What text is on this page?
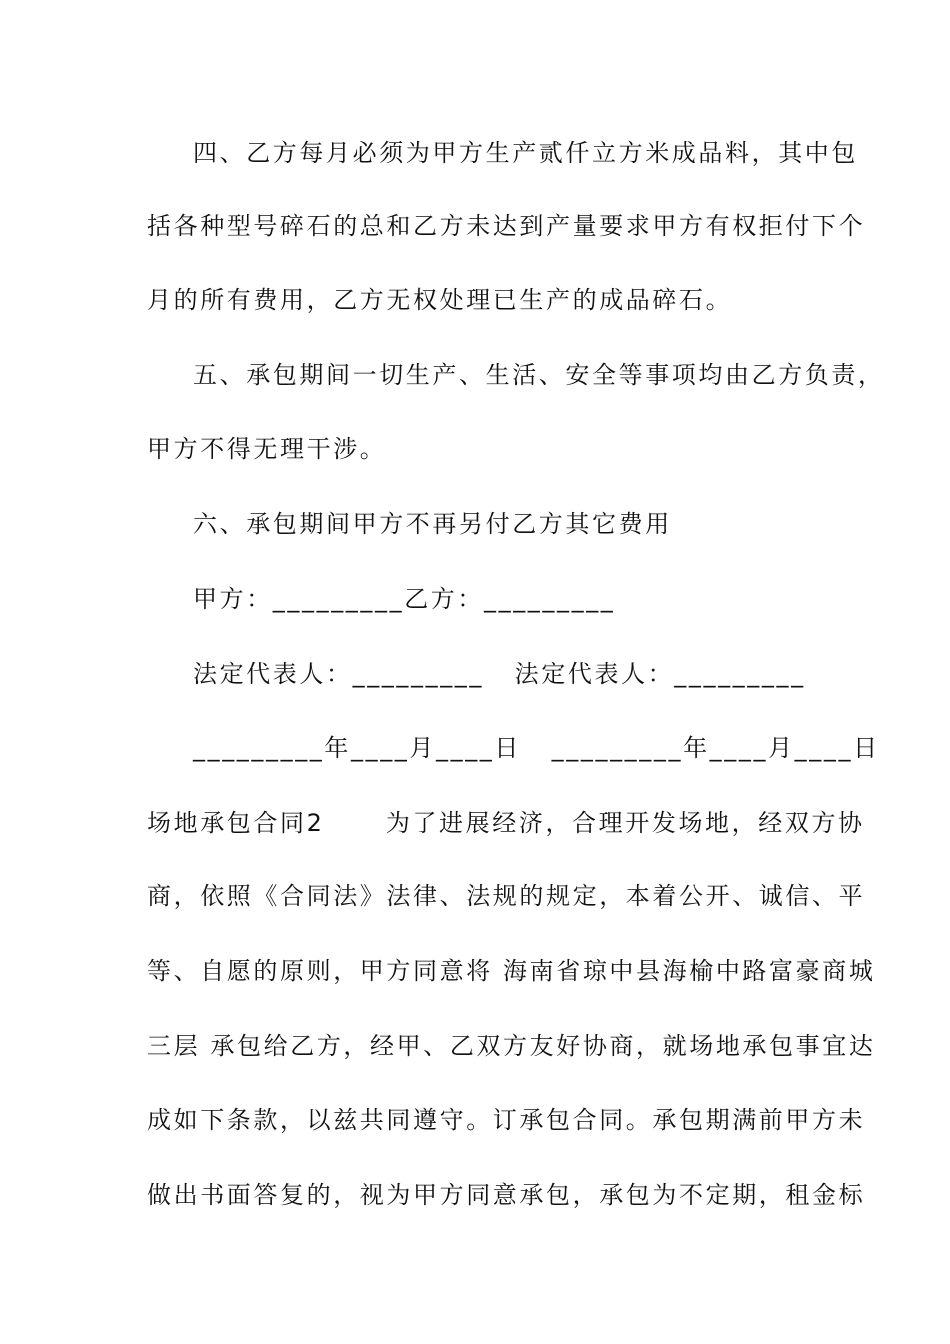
四、乙方每月必须为甲方生产贰仟立方米成品料，其中包
括各种型号碎石的总和乙方未达到产量要求甲方有权拒付下个
月的所有费用，乙方无权处理已生产的成品碎石。
五、承包期间一切生产、生活、安全等事项均由乙方负责，
甲方不得无理干涉。
六、承包期间甲方不再另付乙方其它费用
甲方：_________乙方：_________
法定代表人：_________   法定代表人：_________
_________年____月____日   _________年____月____日
场地承包合同2      为了进展经济，合理开发场地，经双方协
商，依照《合同法》法律、法规的规定，本着公开、诚信、平
等、自愿的原则，甲方同意将 海南省琼中县海榆中路富豪商城
三层 承包给乙方，经甲、乙双方友好协商，就场地承包事宜达
成如下条款，以兹共同遵守。订承包合同。承包期满前甲方未
做出书面答复的，视为甲方同意承包，承包为不定期，租金标
